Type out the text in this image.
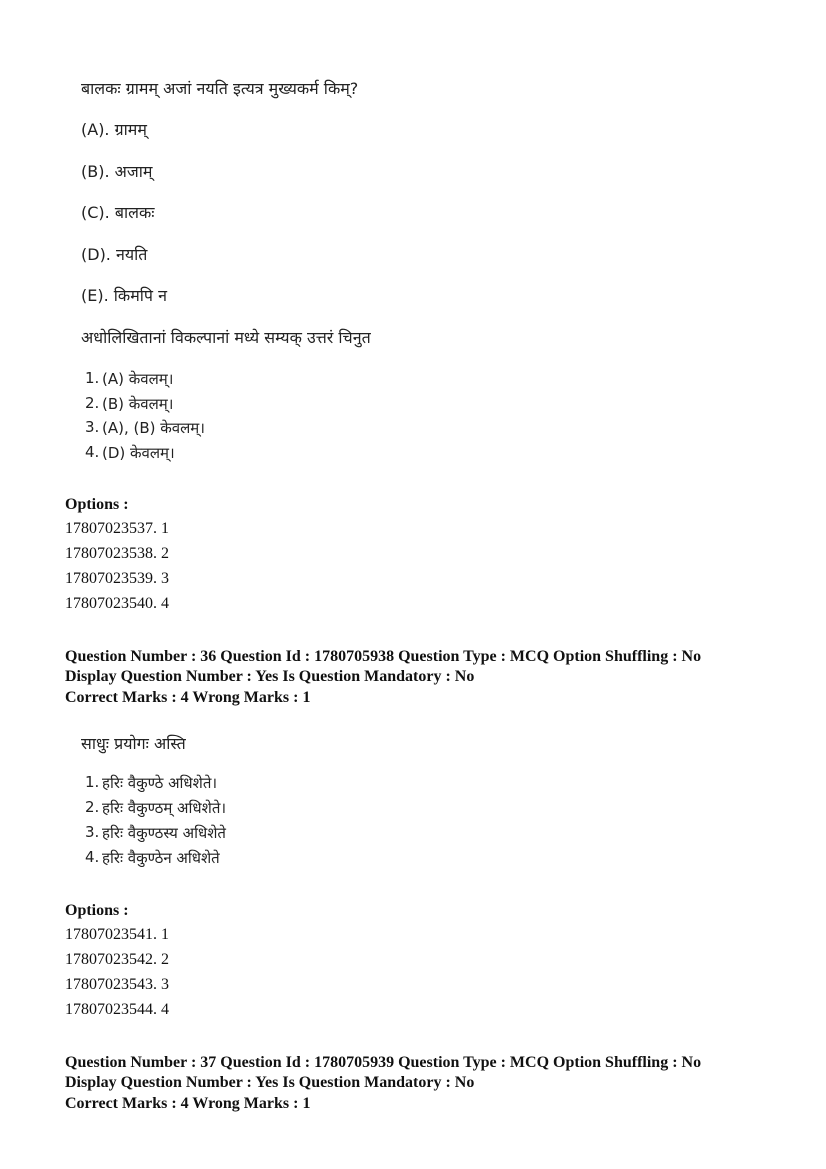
बालकः ग्रामम् अजां नयति इत्यत्र मुख्यकर्म किम्?
(A). ग्रामम्
(B). अजाम्
(C). बालकः
(D). नयति
(E). किमपि न
अधोलिखितानां विकल्पानां मध्ये सम्यक् उत्तरं चिनुत
1. (A) केवलम्।
2. (B) केवलम्।
3. (A), (B) केवलम्।
4. (D) केवलम्।
Options :
17807023537. 1
17807023538. 2
17807023539. 3
17807023540. 4
Question Number : 36 Question Id : 1780705938 Question Type : MCQ Option Shuffling : No
Display Question Number : Yes Is Question Mandatory : No
Correct Marks : 4 Wrong Marks : 1
साधुः प्रयोगः अस्ति
1. हरिः वैकुण्ठे अधिशेते।
2. हरिः वैकुण्ठम् अधिशेते।
3. हरिः वैकुण्ठस्य अधिशेते
4. हरिः वैकुण्ठेन अधिशेते
Options :
17807023541. 1
17807023542. 2
17807023543. 3
17807023544. 4
Question Number : 37 Question Id : 1780705939 Question Type : MCQ Option Shuffling : No
Display Question Number : Yes Is Question Mandatory : No
Correct Marks : 4 Wrong Marks : 1
